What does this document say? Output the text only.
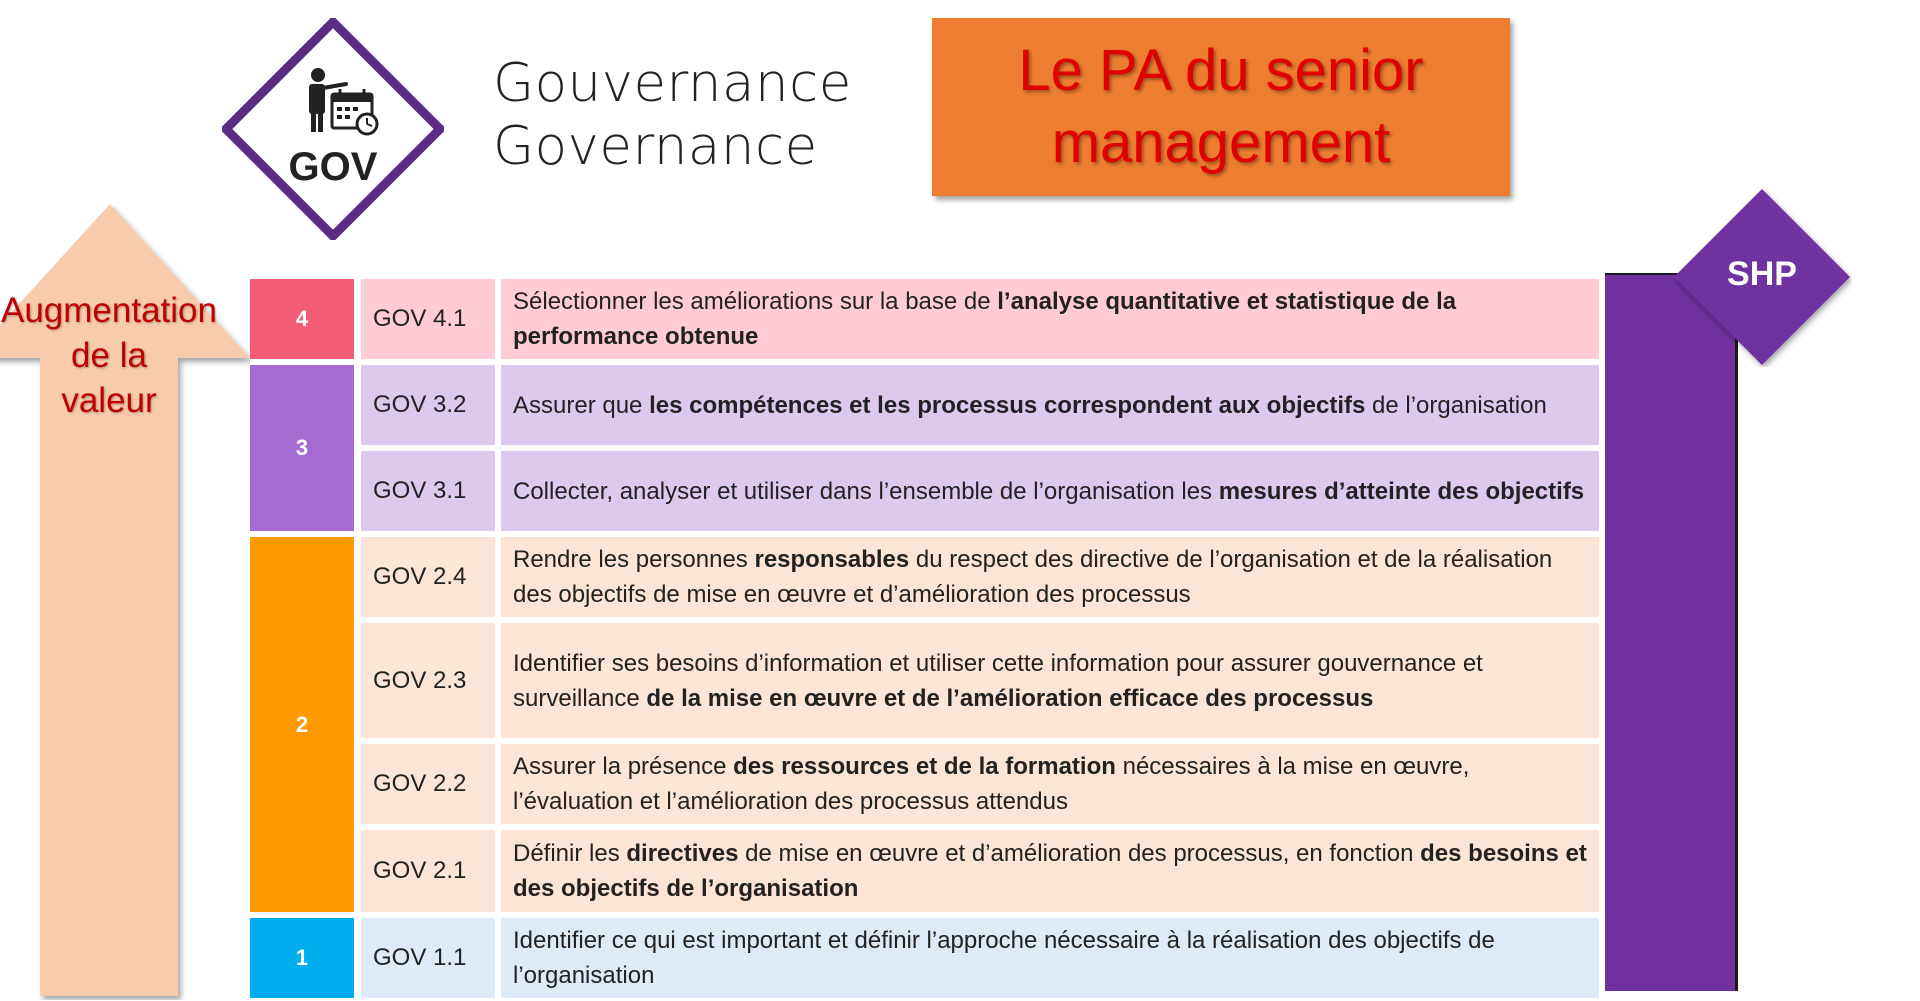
GOV
Gouvernance
Governance
Le PA du senior
management
Augmentation
de la
valeur
4
3
2
1
GOV 4.1
Sélectionner les améliorations sur la base de l’analyse quantitative et statistique de la performance obtenue
GOV 3.2 Assurer que les compétences et les processus correspondent aux objectifs de l’organisation
GOV 3.1 Collecter, analyser et utiliser dans l’ensemble de l’organisation les mesures d’atteinte des objectifs
GOV 2.4
Rendre les personnes responsables du respect des directive de l’organisation et de la réalisation des objectifs de mise en œuvre et d’amélioration des processus
GOV 2.3
Identifier ses besoins d’information et utiliser cette information pour assurer gouvernance et surveillance de la mise en œuvre et de l’amélioration efficace des processus
GOV 2.2
Assurer la présence des ressources et de la formation nécessaires à la mise en œuvre, l’évaluation et l’amélioration des processus attendus
GOV 2.1
Définir les directives de mise en œuvre et d’amélioration des processus, en fonction des besoins et des objectifs de l’organisation
GOV 1.1
Identifier ce qui est important et définir l’approche nécessaire à la réalisation des objectifs de l’organisation
SHP
